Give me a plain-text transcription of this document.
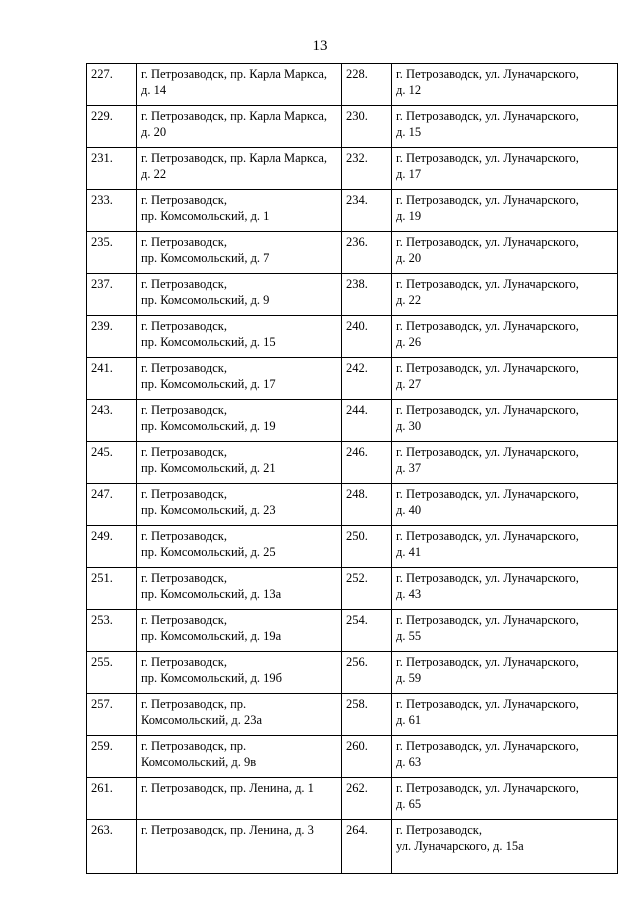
13
227.	г. Петрозаводск, пр. Карла Маркса,
д. 14	228.	г. Петрозаводск, ул. Луначарского,
д. 12

229.	г. Петрозаводск, пр. Карла Маркса,
д. 20	230.	г. Петрозаводск, ул. Луначарского,
д. 15

231.	г. Петрозаводск, пр. Карла Маркса,
д. 22	232.	г. Петрозаводск, ул. Луначарского,
д. 17

233.	г. Петрозаводск,
пр. Комсомольский, д. 1	234.	г. Петрозаводск, ул. Луначарского,
д. 19

235.	г. Петрозаводск,
пр. Комсомольский, д. 7	236.	г. Петрозаводск, ул. Луначарского,
д. 20

237.	г. Петрозаводск,
пр. Комсомольский, д. 9	238.	г. Петрозаводск, ул. Луначарского,
д. 22

239.	г. Петрозаводск,
пр. Комсомольский, д. 15	240.	г. Петрозаводск, ул. Луначарского,
д. 26

241.	г. Петрозаводск,
пр. Комсомольский, д. 17	242.	г. Петрозаводск, ул. Луначарского,
д. 27

243.	г. Петрозаводск,
пр. Комсомольский, д. 19	244.	г. Петрозаводск, ул. Луначарского,
д. 30

245.	г. Петрозаводск,
пр. Комсомольский, д. 21	246.	г. Петрозаводск, ул. Луначарского,
д. 37

247.	г. Петрозаводск,
пр. Комсомольский, д. 23	248.	г. Петрозаводск, ул. Луначарского,
д. 40

249.	г. Петрозаводск,
пр. Комсомольский, д. 25	250.	г. Петрозаводск, ул. Луначарского,
д. 41

251.	г. Петрозаводск,
пр. Комсомольский, д. 13а	252.	г. Петрозаводск, ул. Луначарского,
д. 43

253.	г. Петрозаводск,
пр. Комсомольский, д. 19а	254.	г. Петрозаводск, ул. Луначарского,
д. 55

255.	г. Петрозаводск,
пр. Комсомольский, д. 19б	256.	г. Петрозаводск, ул. Луначарского,
д. 59

257.	г. Петрозаводск, пр.
Комсомольский, д. 23а	258.	г. Петрозаводск, ул. Луначарского,
д. 61

259.	г. Петрозаводск, пр.
Комсомольский, д. 9в	260.	г. Петрозаводск, ул. Луначарского,
д. 63

261.	г. Петрозаводск, пр. Ленина, д. 1	262.	г. Петрозаводск, ул. Луначарского,
д. 65

263.	г. Петрозаводск, пр. Ленина, д. 3	264.	г. Петрозаводск,
ул. Луначарского, д. 15а
